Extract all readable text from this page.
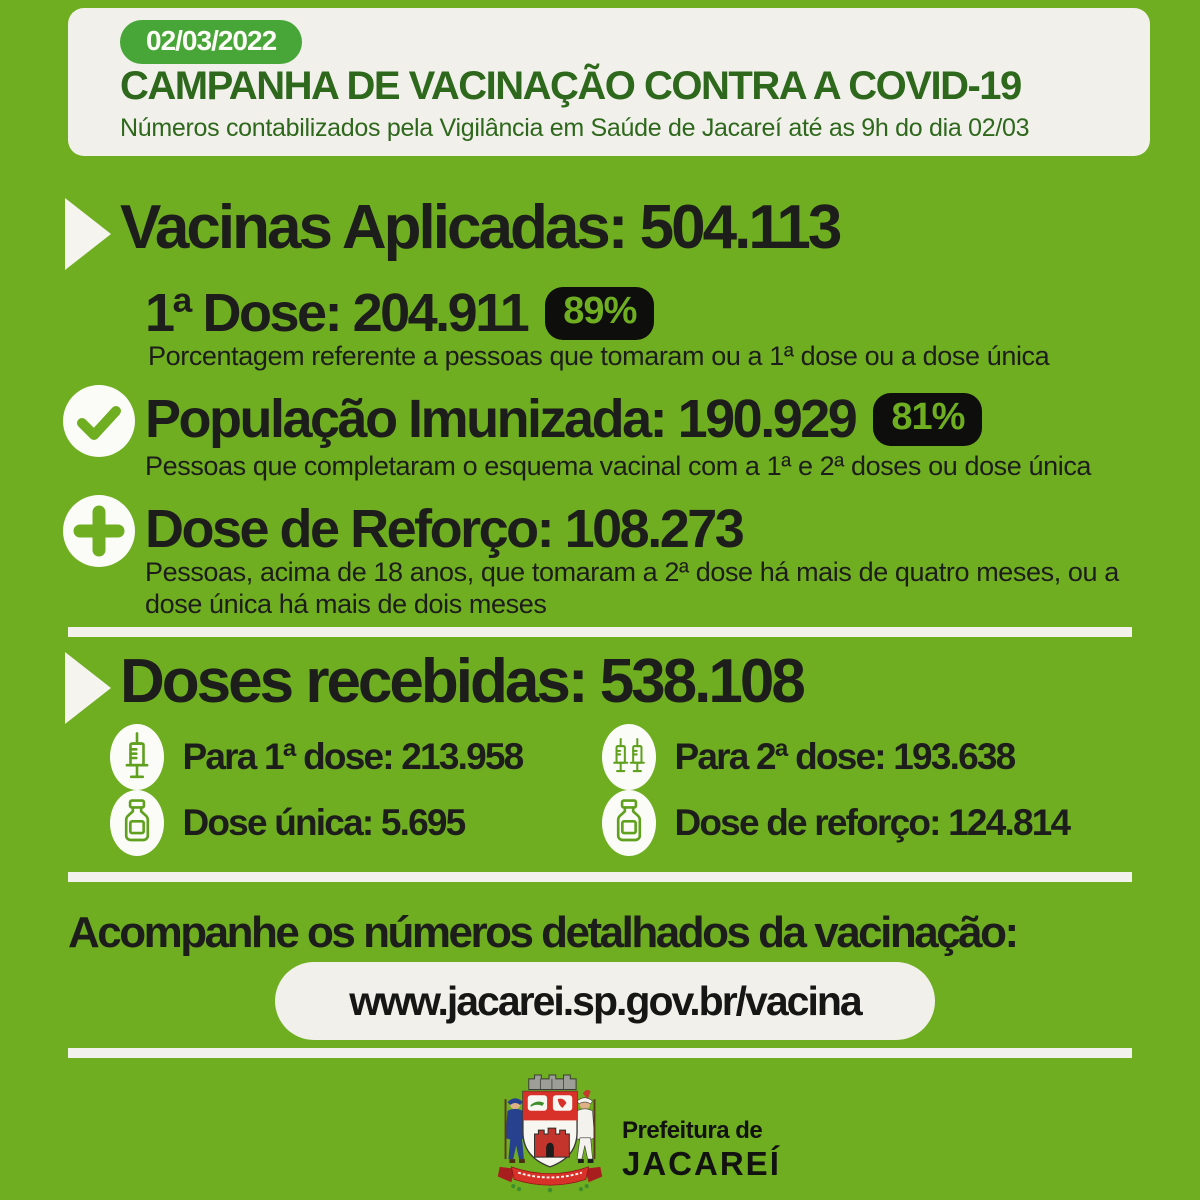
02/03/2022
CAMPANHA DE VACINAÇÃO CONTRA A COVID-19

Números contabilizados pela Vigilância em Saúde de Jacareí até as 9h do dia 02/03

Vacinas Aplicadas: 504.113
1ª Dose: 204.911 89%

Porcentagem referente a pessoas que tomaram ou a 1ª dose ou a dose única

População Imunizada: 190.929 81%

Pessoas que completaram o esquema vacinal com a 1ª e 2ª doses ou dose única

Dose de Reforço: 108.273

Pessoas, acima de 18 anos, que tomaram a 2ª dose há mais de quatro meses, ou a dose única há mais de dois meses

Doses recebidas: 538.108
Para 1ª dose: 213.958	Para 2ª dose: 193.638
Dose única: 5.695	Dose de reforço: 124.814

Acompanhe os números detalhados da vacinação:

www.jacarei.sp.gov.br/vacina
Prefeitura de
JACAREÍ
